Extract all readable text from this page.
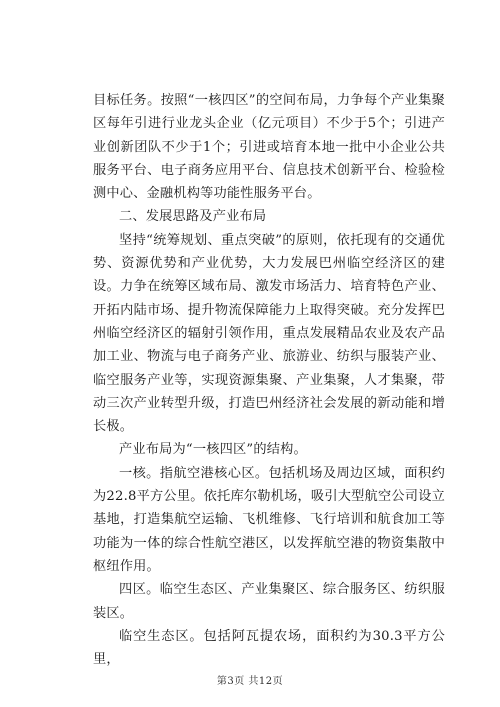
目标任务。按照“一核四区”的空间布局，力争每个产业集聚区每年引进行业龙头企业（亿元项目）不少于5个；引进产业创新团队不少于1个；引进或培育本地一批中小企业公共服务平台、电子商务应用平台、信息技术创新平台、检验检测中心、金融机构等功能性服务平台。

二、发展思路及产业布局

坚持“统筹规划、重点突破”的原则，依托现有的交通优势、资源优势和产业优势，大力发展巴州临空经济区的建设。力争在统筹区域布局、激发市场活力、培育特色产业、开拓内陆市场、提升物流保障能力上取得突破。充分发挥巴州临空经济区的辐射引领作用，重点发展精品农业及农产品加工业、物流与电子商务产业、旅游业、纺织与服装产业、临空服务产业等，实现资源集聚、产业集聚，人才集聚，带动三次产业转型升级，打造巴州经济社会发展的新动能和增长极。

产业布局为“一核四区”的结构。

一核。指航空港核心区。包括机场及周边区域，面积约为22.8平方公里。依托库尔勒机场，吸引大型航空公司设立基地，打造集航空运输、飞机维修、飞行培训和航食加工等功能为一体的综合性航空港区，以发挥航空港的物资集散中枢纽作用。

四区。临空生态区、产业集聚区、综合服务区、纺织服装区。

临空生态区。包括阿瓦提农场，面积约为30.3平方公里，

第3页 共12页
